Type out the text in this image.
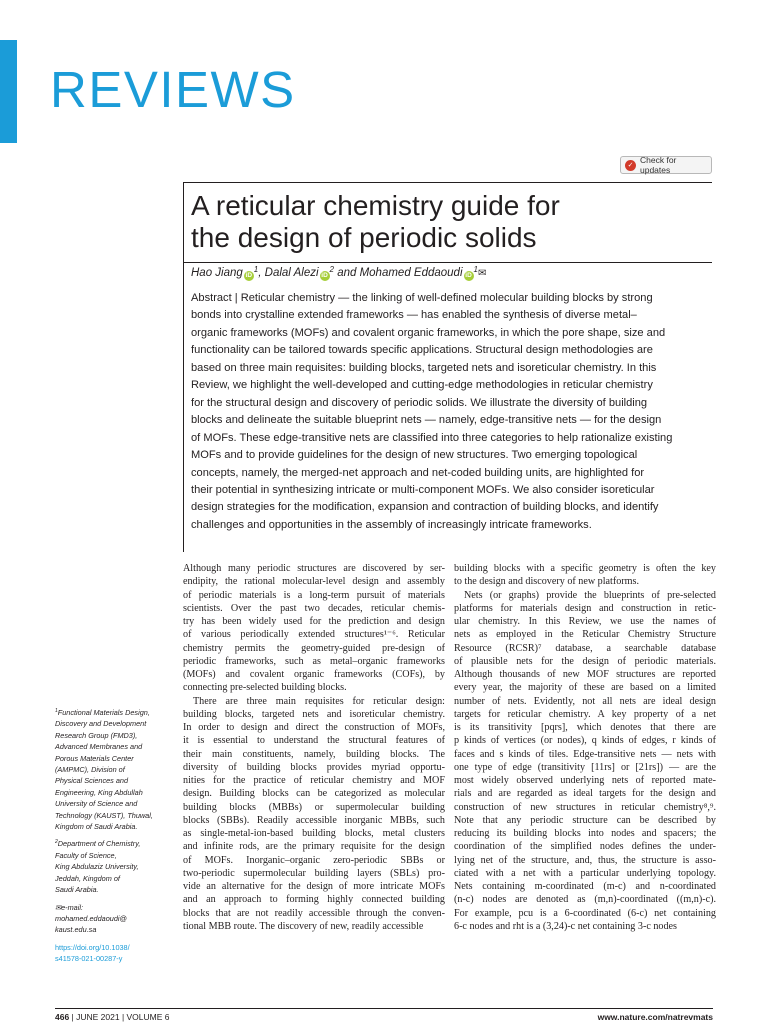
REVIEWS
✓
Check for updates
A reticular chemistry guide for
the design of periodic solids
Hao Jiang $iD^1$, Dalal Alezi $iD^2$ and Mohamed Eddaoudi $iD^1✉$
Abstract | Reticular chemistry — the linking of well-defined molecular building blocks by strong
bonds into crystalline extended frameworks — has enabled the synthesis of diverse metal–
organic frameworks (MOFs) and covalent organic frameworks, in which the pore shape, size and
functionality can be tailored towards specific applications. Structural design methodologies are
based on three main requisites: building blocks, targeted nets and isoreticular chemistry. In this
Review, we highlight the well-developed and cutting-edge methodologies in reticular chemistry
for the structural design and discovery of periodic solids. We illustrate the diversity of building
blocks and delineate the suitable blueprint nets — namely, edge-transitive nets — for the design
of MOFs. These edge-transitive nets are classified into three categories to help rationalize existing
MOFs and to provide guidelines for the design of new structures. Two emerging topological
concepts, namely, the merged-net approach and net-coded building units, are highlighted for
their potential in synthesizing intricate or multi-component MOFs. We also consider isoreticular
design strategies for the modification, expansion and contraction of building blocks, and identify
challenges and opportunities in the assembly of increasingly intricate frameworks.
$^1$Functional Materials Design,
Discovery and Development
Research Group (FMD3),
Advanced Membranes and
Porous Materials Center
(AMPMC), Division of
Physical Sciences and
Engineering, King Abdullah
University of Science and
Technology (KAUST), Thuwal,
Kingdom of Saudi Arabia.
$^2$Department of Chemistry,
Faculty of Science,
King Abdulaziz University,
Jeddah, Kingdom of
Saudi Arabia.
✉e-mail:
mohamed.eddaoudi@
kaust.edu.sa
https://doi.org/10.1038/
s41578-021-00287-y
Although many periodic structures are discovered by ser-
endipity, the rational molecular-level design and assembly
of periodic materials is a long-term pursuit of materials
scientists. Over the past two decades, reticular chemis-
try has been widely used for the prediction and design
of various periodically extended structures¹⁻⁶. Reticular
chemistry permits the geometry-guided pre-design of
periodic frameworks, such as metal–organic frameworks
(MOFs) and covalent organic frameworks (COFs), by
connecting pre-selected building blocks.
There are three main requisites for reticular design:
building blocks, targeted nets and isoreticular chemistry.
In order to design and direct the construction of MOFs,
it is essential to understand the structural features of
their main constituents, namely, building blocks. The
diversity of building blocks provides myriad opportu-
nities for the practice of reticular chemistry and MOF
design. Building blocks can be categorized as molecular
building blocks (MBBs) or supermolecular building
blocks (SBBs). Readily accessible inorganic MBBs, such
as single-metal-ion-based building blocks, metal clusters
and infinite rods, are the primary requisite for the design
of MOFs. Inorganic–organic zero-periodic SBBs or
two-periodic supermolecular building layers (SBLs) pro-
vide an alternative for the design of more intricate MOFs
and an approach to forming highly connected building
blocks that are not readily accessible through the conven-
tional MBB route. The discovery of new, readily accessible
building blocks with a specific geometry is often the key
to the design and discovery of new platforms.
Nets (or graphs) provide the blueprints of pre-selected
platforms for materials design and construction in retic-
ular chemistry. In this Review, we use the names of
nets as employed in the Reticular Chemistry Structure
Resource (RCSR)⁷ database, a searchable database
of plausible nets for the design of periodic materials.
Although thousands of new MOF structures are reported
every year, the majority of these are based on a limited
number of nets. Evidently, not all nets are ideal design
targets for reticular chemistry. A key property of a net
is its transitivity [pqrs], which denotes that there are
p kinds of vertices (or nodes), q kinds of edges, r kinds of
faces and s kinds of tiles. Edge-transitive nets — nets with
one type of edge (transitivity [11rs] or [21rs]) — are the
most widely observed underlying nets of reported mate-
rials and are regarded as ideal targets for the design and
construction of new structures in reticular chemistry⁸,⁹.
Note that any periodic structure can be described by
reducing its building blocks into nodes and spacers; the
coordination of the simplified nodes defines the under-
lying net of the structure, and, thus, the structure is asso-
ciated with a net with a particular underlying topology.
Nets containing m-coordinated (m-c) and n-coordinated
(n-c) nodes are denoted as (m,n)-coordinated ((m,n)-c).
For example, pcu is a 6-coordinated (6-c) net containing
6-c nodes and rht is a (3,24)-c net containing 3-c nodes
466 | JUNE 2021 | VOLUME 6	www.nature.com/natrevmats
